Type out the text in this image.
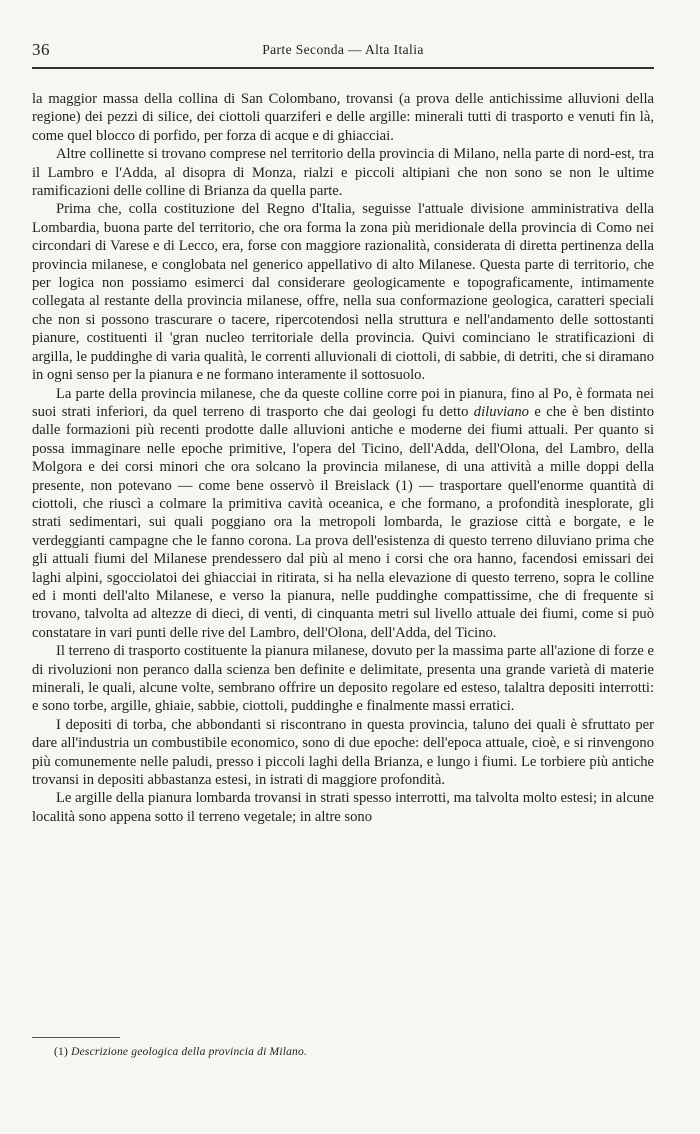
36	Parte Seconda — Alta Italia

la maggior massa della collina di San Colombano, trovansi (a prova delle antichissime alluvioni della regione) dei pezzi di silice, dei ciottoli quarziferi e delle argille: minerali tutti di trasporto e venuti fin là, come quel blocco di porfido, per forza di acque e di ghiacciai.

Altre collinette si trovano comprese nel territorio della provincia di Milano, nella parte di nord-est, tra il Lambro e l'Adda, al disopra di Monza, rialzi e piccoli altipiani che non sono se non le ultime ramificazioni delle colline di Brianza da quella parte.

Prima che, colla costituzione del Regno d'Italia, seguisse l'attuale divisione amministrativa della Lombardia, buona parte del territorio, che ora forma la zona più meridionale della provincia di Como nei circondari di Varese e di Lecco, era, forse con maggiore razionalità, considerata di diretta pertinenza della provincia milanese, e conglobata nel generico appellativo di alto Milanese. Questa parte di territorio, che per logica non possiamo esimerci dal considerare geologicamente e topograficamente, intimamente collegata al restante della provincia milanese, offre, nella sua conformazione geologica, caratteri speciali che non si possono trascurare o tacere, ripercotendosi nella struttura e nell'andamento delle sottostanti pianure, costituenti il 'gran nucleo territoriale della provincia. Quivi cominciano le stratificazioni di argilla, le puddinghe di varia qualità, le correnti alluvionali di ciottoli, di sabbie, di detriti, che si diramano in ogni senso per la pianura e ne formano interamente il sottosuolo.

La parte della provincia milanese, che da queste colline corre poi in pianura, fino al Po, è formata nei suoi strati inferiori, da quel terreno di trasporto che dai geologi fu detto diluviano e che è ben distinto dalle formazioni più recenti prodotte dalle alluvioni antiche e moderne dei fiumi attuali. Per quanto si possa immaginare nelle epoche primitive, l'opera del Ticino, dell'Adda, dell'Olona, del Lambro, della Molgora e dei corsi minori che ora solcano la provincia milanese, di una attività a mille doppi della presente, non potevano — come bene osservò il Breislack (1) — trasportare quell'enorme quantità di ciottoli, che riuscì a colmare la primitiva cavità oceanica, e che formano, a profondità inesplorate, gli strati sedimentari, sui quali poggiano ora la metropoli lombarda, le graziose città e borgate, e le verdeggianti campagne che le fanno corona. La prova dell'esistenza di questo terreno diluviano prima che gli attuali fiumi del Milanese prendessero dal più al meno i corsi che ora hanno, facendosi emissari dei laghi alpini, sgocciolatoi dei ghiacciai in ritirata, si ha nella elevazione di questo terreno, sopra le colline ed i monti dell'alto Milanese, e verso la pianura, nelle puddinghe compattissime, che di frequente si trovano, talvolta ad altezze di dieci, di venti, di cinquanta metri sul livello attuale dei fiumi, come si può constatare in vari punti delle rive del Lambro, dell'Olona, dell'Adda, del Ticino.

Il terreno di trasporto costituente la pianura milanese, dovuto per la massima parte all'azione di forze e di rivoluzioni non peranco dalla scienza ben definite e delimitate, presenta una grande varietà di materie minerali, le quali, alcune volte, sembrano offrire un deposito regolare ed esteso, talaltra depositi interrotti: e sono torbe, argille, ghiaie, sabbie, ciottoli, puddinghe e finalmente massi erratici.

I depositi di torba, che abbondanti si riscontrano in questa provincia, taluno dei quali è sfruttato per dare all'industria un combustibile economico, sono di due epoche: dell'epoca attuale, cioè, e si rinvengono più comunemente nelle paludi, presso i piccoli laghi della Brianza, e lungo i fiumi. Le torbiere più antiche trovansi in depositi abbastanza estesi, in istrati di maggiore profondità.

Le argille della pianura lombarda trovansi in strati spesso interrotti, ma talvolta molto estesi; in alcune località sono appena sotto il terreno vegetale; in altre sono

(1) Descrizione geologica della provincia di Milano.
